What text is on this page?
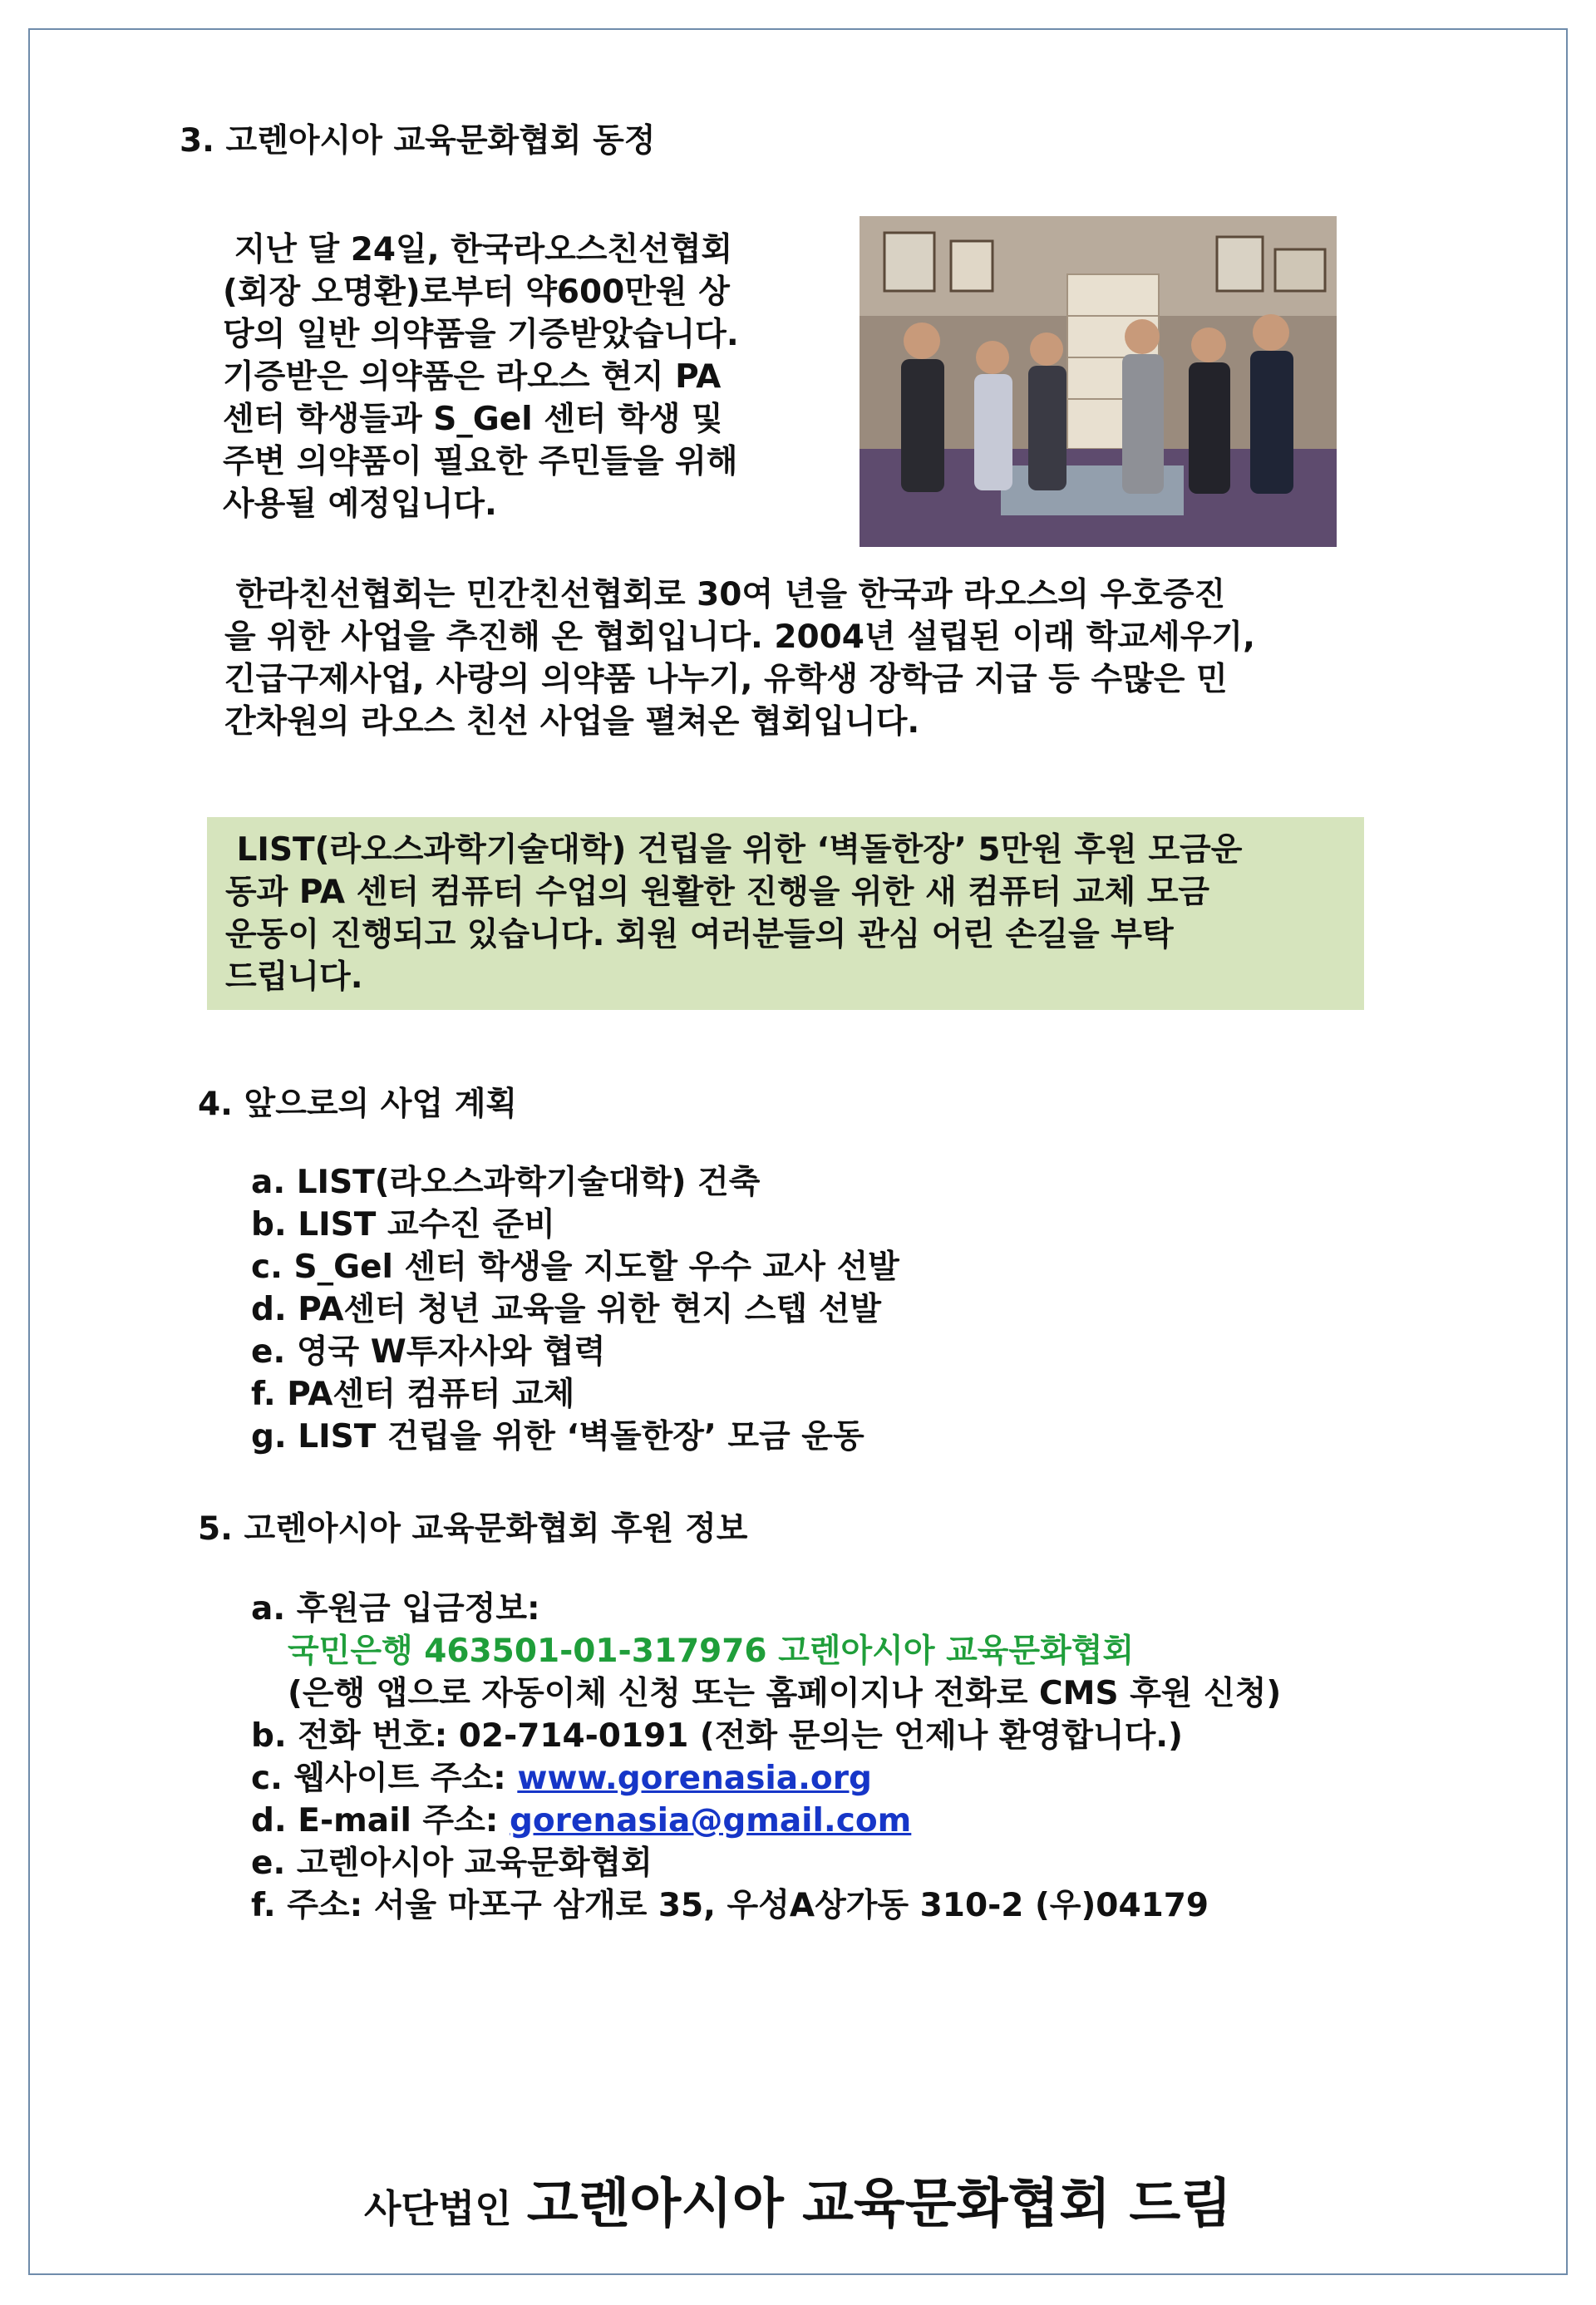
3. 고렌아시아 교육문화협회 동정
지난 달 24일, 한국라오스친선협회
(회장 오명환)로부터 약600만원 상
당의 일반 의약품을 기증받았습니다.
기증받은 의약품은 라오스 현지 PA
센터 학생들과 S_Gel 센터 학생 및
주변 의약품이 필요한 주민들을 위해
사용될 예정입니다.
한라친선협회는 민간친선협회로 30여 년을 한국과 라오스의 우호증진
을 위한 사업을 추진해 온 협회입니다. 2004년 설립된 이래 학교세우기,
긴급구제사업, 사랑의 의약품 나누기, 유학생 장학금 지급 등 수많은 민
간차원의 라오스 친선 사업을 펼쳐온 협회입니다.

LIST(라오스과학기술대학) 건립을 위한 ‘벽돌한장’ 5만원 후원 모금운

동과 PA 센터 컴퓨터 수업의 원활한 진행을 위한 새 컴퓨터 교체 모금

운동이 진행되고 있습니다. 회원 여러분들의 관심 어린 손길을 부탁

드립니다.

4. 앞으로의 사업 계획
a. LIST(라오스과학기술대학) 건축
b. LIST 교수진 준비
c. S_Gel 센터 학생을 지도할 우수 교사 선발
d. PA센터 청년 교육을 위한 현지 스텝 선발
e. 영국 W투자사와 협력
f. PA센터 컴퓨터 교체
g. LIST 건립을 위한 ‘벽돌한장’ 모금 운동
5. 고렌아시아 교육문화협회 후원 정보
a. 후원금 입금정보:
국민은행 463501-01-317976 고렌아시아 교육문화협회
(은행 앱으로 자동이체 신청 또는 홈페이지나 전화로 CMS 후원 신청)
b. 전화 번호: 02-714-0191 (전화 문의는 언제나 환영합니다.)
c. 웹사이트 주소: www.gorenasia.org
d. E-mail 주소: gorenasia@gmail.com
e. 고렌아시아 교육문화협회
f. 주소: 서울 마포구 삼개로 35, 우성A상가동 310-2 (우)04179
사단법인 고렌아시아 교육문화협회 드림
